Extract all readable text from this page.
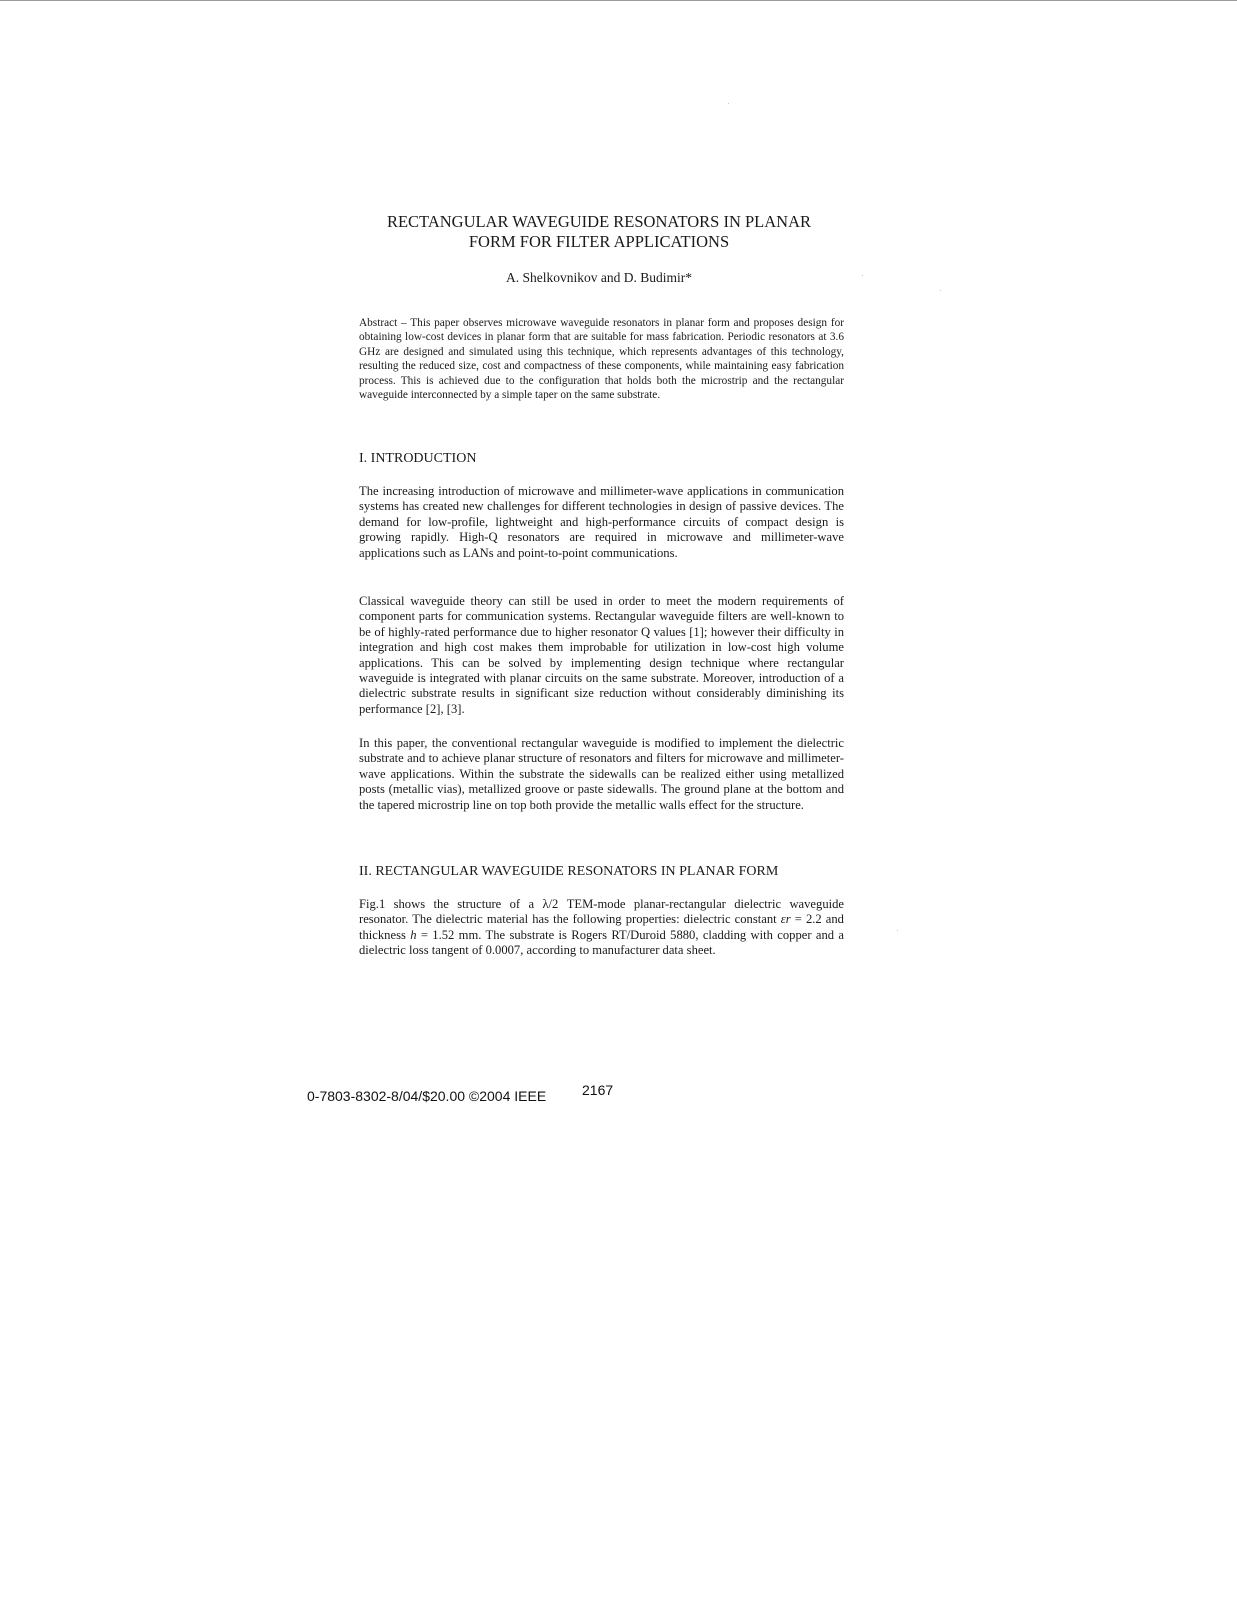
RECTANGULAR WAVEGUIDE RESONATORS IN PLANAR
FORM FOR FILTER APPLICATIONS
A. Shelkovnikov and D. Budimir*

Abstract – This paper observes microwave waveguide resonators in planar form and proposes design for obtaining low-cost devices in planar form that are suitable for mass fabrication. Periodic resonators at 3.6 GHz are designed and simulated using this technique, which represents advantages of this technology, resulting the reduced size, cost and compactness of these components, while maintaining easy fabrication process. This is achieved due to the configuration that holds both the microstrip and the rectangular waveguide interconnected by a simple taper on the same substrate.

I. INTRODUCTION

The increasing introduction of microwave and millimeter-wave applications in communication systems has created new challenges for different technologies in design of passive devices. The demand for low-profile, lightweight and high-performance circuits of compact design is growing rapidly. High-Q resonators are required in microwave and millimeter-wave applications such as LANs and point-to-point communications.

Classical waveguide theory can still be used in order to meet the modern requirements of component parts for communication systems. Rectangular waveguide filters are well-known to be of highly-rated performance due to higher resonator Q values [1]; however their difficulty in integration and high cost makes them improbable for utilization in low-cost high volume applications. This can be solved by implementing design technique where rectangular waveguide is integrated with planar circuits on the same substrate. Moreover, introduction of a dielectric substrate results in significant size reduction without considerably diminishing its performance [2], [3].

In this paper, the conventional rectangular waveguide is modified to implement the dielectric substrate and to achieve planar structure of resonators and filters for microwave and millimeter-wave applications. Within the substrate the sidewalls can be realized either using metallized posts (metallic vias), metallized groove or paste sidewalls. The ground plane at the bottom and the tapered microstrip line on top both provide the metallic walls effect for the structure.

II. RECTANGULAR WAVEGUIDE RESONATORS IN PLANAR FORM

Fig.1 shows the structure of a λ/2 TEM-mode planar-rectangular dielectric waveguide resonator. The dielectric material has the following properties: dielectric constant εr = 2.2 and thickness h = 1.52 mm. The substrate is Rogers RT/Duroid 5880, cladding with copper and a dielectric loss tangent of 0.0007, according to manufacturer data sheet.

0-7803-8302-8/04/$20.00 ©2004 IEEE	2167
